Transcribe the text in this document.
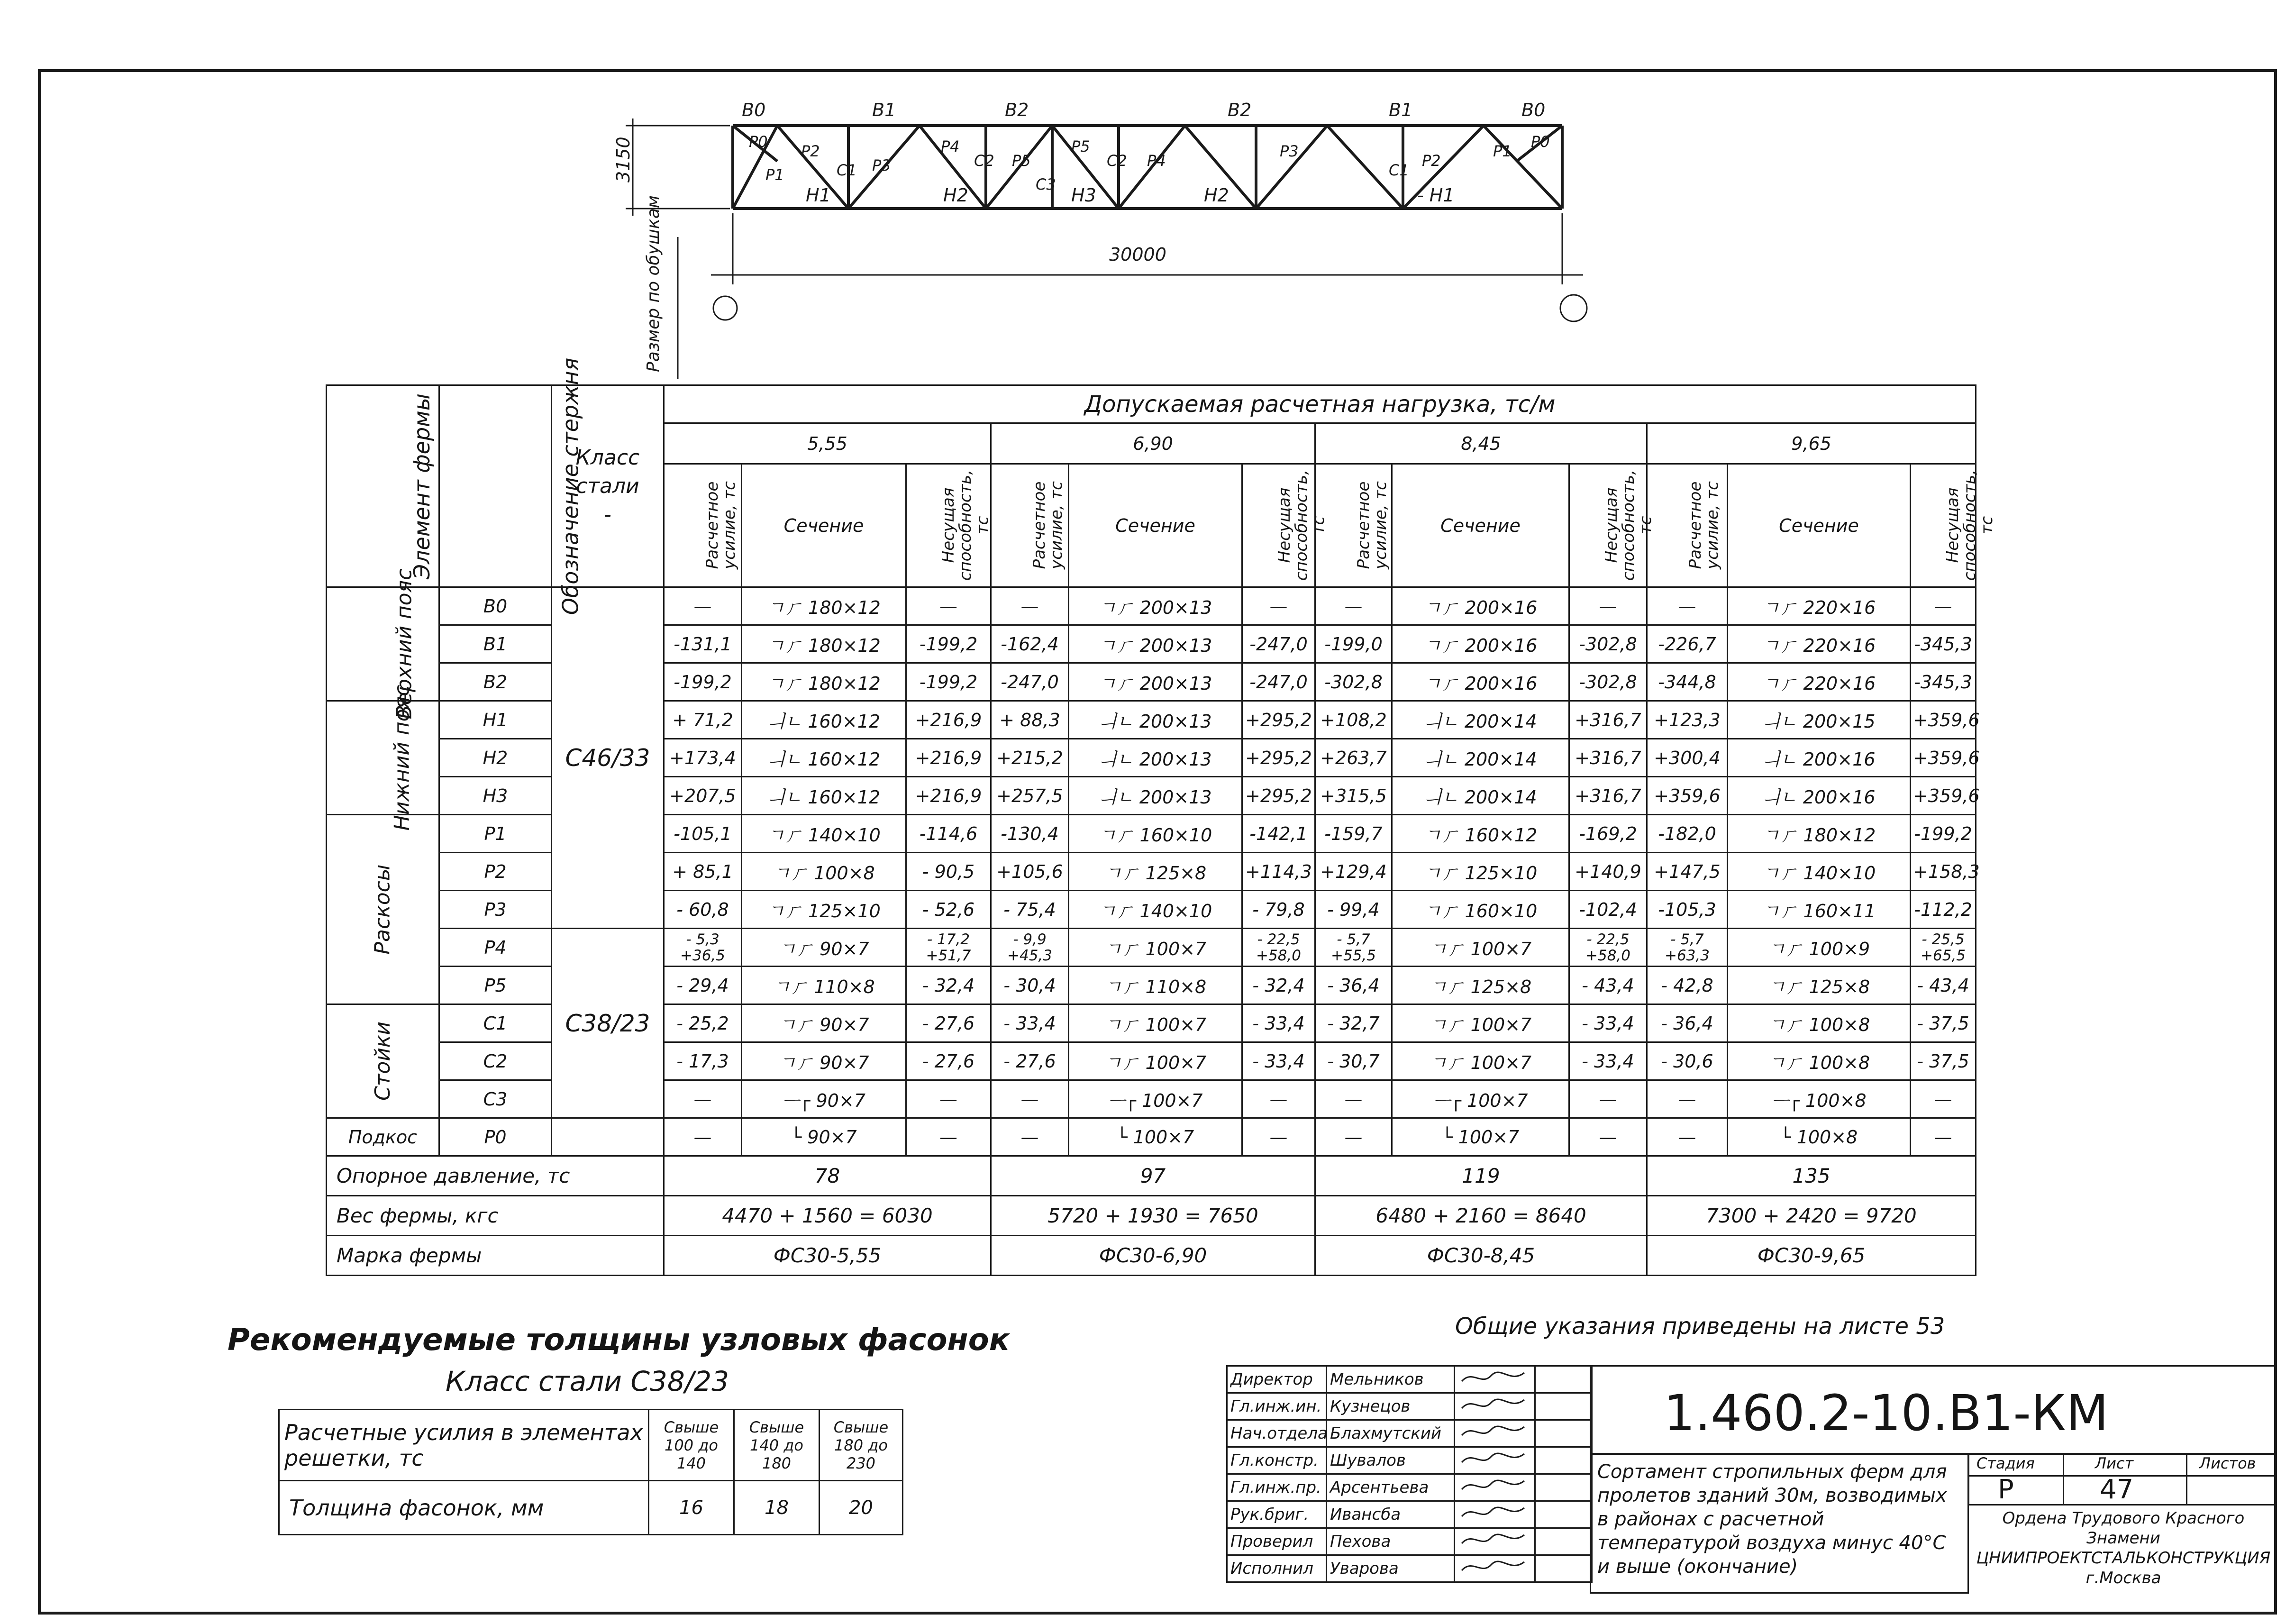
В0	В1	В2	В2	В1	В0
Н1	Н2	Н3	Н2	- Н1
Р0
Р1
Р2
С1 Р3
Р4
С2 Р5
С3
Р5
С2 Р4
Р3
С1
Р2
Р1
Р0
30000
3150
Размер по обушкам
Элемент фермы	Обозначение стержня	Класс стали
-	Допускаемая расчетная нагрузка, тс/м											
			5,55			6,90			8,45			9,65		
			Расчетное усилие, тс	Сечение	Несущая способность, тс	Расчетное усилие, тс	Сечение	Несущая способность, тс	Расчетное усилие, тс	Сечение	Несущая способность, тс	Расчетное усилие, тс	Сечение	Несущая способность, тс
Верхний пояс	В0	С46/33	—	ㄱㄏ 180×12	—	—	ㄱㄏ 200×13	—	—	ㄱㄏ 200×16	—	—	ㄱㄏ 220×16	—
	В1		-131,1	ㄱㄏ 180×12	-199,2	-162,4	ㄱㄏ 200×13	-247,0	-199,0	ㄱㄏ 200×16	-302,8	-226,7	ㄱㄏ 220×16	-345,3
	В2		-199,2	ㄱㄏ 180×12	-199,2	-247,0	ㄱㄏ 200×13	-247,0	-302,8	ㄱㄏ 200×16	-302,8	-344,8	ㄱㄏ 220×16	-345,3
Нижний пояс	Н1		+ 71,2	ㅢㄴ 160×12	+216,9	+ 88,3	ㅢㄴ 200×13	+295,2	+108,2	ㅢㄴ 200×14	+316,7	+123,3	ㅢㄴ 200×15	+359,6
	Н2		+173,4	ㅢㄴ 160×12	+216,9	+215,2	ㅢㄴ 200×13	+295,2	+263,7	ㅢㄴ 200×14	+316,7	+300,4	ㅢㄴ 200×16	+359,6
	Н3		+207,5	ㅢㄴ 160×12	+216,9	+257,5	ㅢㄴ 200×13	+295,2	+315,5	ㅢㄴ 200×14	+316,7	+359,6	ㅢㄴ 200×16	+359,6
Раскосы	Р1		-105,1	ㄱㄏ 140×10	-114,6	-130,4	ㄱㄏ 160×10	-142,1	-159,7	ㄱㄏ 160×12	-169,2	-182,0	ㄱㄏ 180×12	-199,2
	Р2		+ 85,1	ㄱㄏ 100×8	- 90,5	+105,6	ㄱㄏ 125×8	+114,3	+129,4	ㄱㄏ 125×10	+140,9	+147,5	ㄱㄏ 140×10	+158,3
	Р3		- 60,8	ㄱㄏ 125×10	- 52,6	- 75,4	ㄱㄏ 140×10	- 79,8	- 99,4	ㄱㄏ 160×10	-102,4	-105,3	ㄱㄏ 160×11	-112,2
	Р4	С38/23	- 5,3 +36,5	ㄱㄏ 90×7	- 17,2 +51,7	- 9,9 +45,3	ㄱㄏ 100×7	- 22,5 +58,0	- 5,7 +55,5	ㄱㄏ 100×7	- 22,5 +58,0	- 5,7 +63,3	ㄱㄏ 100×9	- 25,5 +65,5
	Р5		- 29,4	ㄱㄏ 110×8	- 32,4	- 30,4	ㄱㄏ 110×8	- 32,4	- 36,4	ㄱㄏ 125×8	- 43,4	- 42,8	ㄱㄏ 125×8	- 43,4
Стойки	С1		- 25,2	ㄱㄏ 90×7	- 27,6	- 33,4	ㄱㄏ 100×7	- 33,4	- 32,7	ㄱㄏ 100×7	- 33,4	- 36,4	ㄱㄏ 100×8	- 37,5
	С2		- 17,3	ㄱㄏ 90×7	- 27,6	- 27,6	ㄱㄏ 100×7	- 33,4	- 30,7	ㄱㄏ 100×7	- 33,4	- 30,6	ㄱㄏ 100×8	- 37,5
	С3		—	ᅳ┌ 90×7	—	—	ᅳ┌ 100×7	—	—	ᅳ┌ 100×7	—	—	ᅳ┌ 100×8	—
Подкос	Р0		—	└ 90×7	—	—	└ 100×7	—	—	└ 100×7	—	—	└ 100×8	—
Опорное давление, тс			78			97			119			135		
Вес фермы, кгс			4470 + 1560 = 6030			5720 + 1930 = 7650			6480 + 2160 = 8640			7300 + 2420 = 9720		
Марка фермы			ФС30-5,55			ФС30-6,90			ФС30-8,45			ФС30-9,65		
Общие указания приведены на листе 53
Рекомендуемые толщины узловых фасонок
Класс стали С38/23
Расчетные усилия в элементах решетки, тс	Свыше 100 до 140	Свыше 140 до 180	Свыше 180 до 230
Толщина фасонок, мм	16	18	20
Директор	Мельников		
Гл.инж.ин.	Кузнецов		
Нач.отдела	Блахмутский		
Гл.констр.	Шувалов		
Гл.инж.пр.	Арсентьева		
Рук.бриг.	Ивансба		
Проверил	Пехова		
Исполнил	Уварова		
1.460.2-10.В1-КМ
Сортамент стропильных ферм для пролетов зданий 30м, возводимых в районах с расчетной температурой воздуха минус 40°С и выше (окончание)
Стадия	Лист	Листов
Р	47
Ордена Трудового Красного Знамени ЦНИИПРОЕКТСТАЛЬКОНСТРУКЦИЯ г.Москва
